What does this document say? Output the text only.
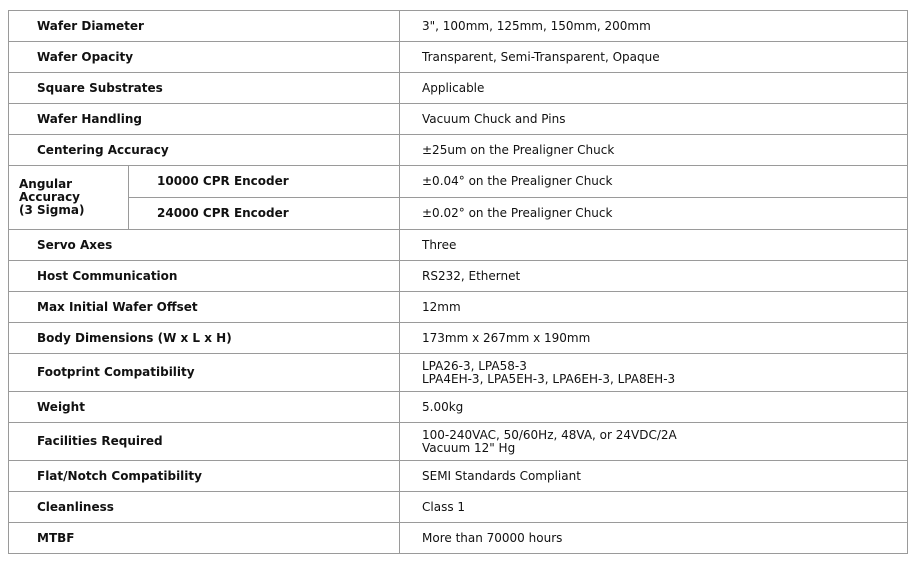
Wafer Diameter		3", 100mm, 125mm, 150mm, 200mm
Wafer Opacity		Transparent, Semi-Transparent, Opaque
Square Substrates		Applicable
Wafer Handling		Vacuum Chuck and Pins
Centering Accuracy		±25um on the Prealigner Chuck

Angular
Accuracy
(3 Sigma)	10000 CPR Encoder	±0.04° on the Prealigner Chuck
	24000 CPR Encoder	±0.02° on the Prealigner Chuck
Servo Axes		Three
Host Communication		RS232, Ethernet
Max Initial Wafer Offset		12mm
Body Dimensions (W x L x H)		173mm x 267mm x 190mm
Footprint Compatibility		LPA26-3, LPA58-3
LPA4EH-3, LPA5EH-3, LPA6EH-3, LPA8EH-3

Weight		5.00kg
Facilities Required		100-240VAC, 50/60Hz, 48VA, or 24VDC/2A
Vacuum 12" Hg

Flat/Notch Compatibility		SEMI Standards Compliant
Cleanliness		Class 1
MTBF		More than 70000 hours
